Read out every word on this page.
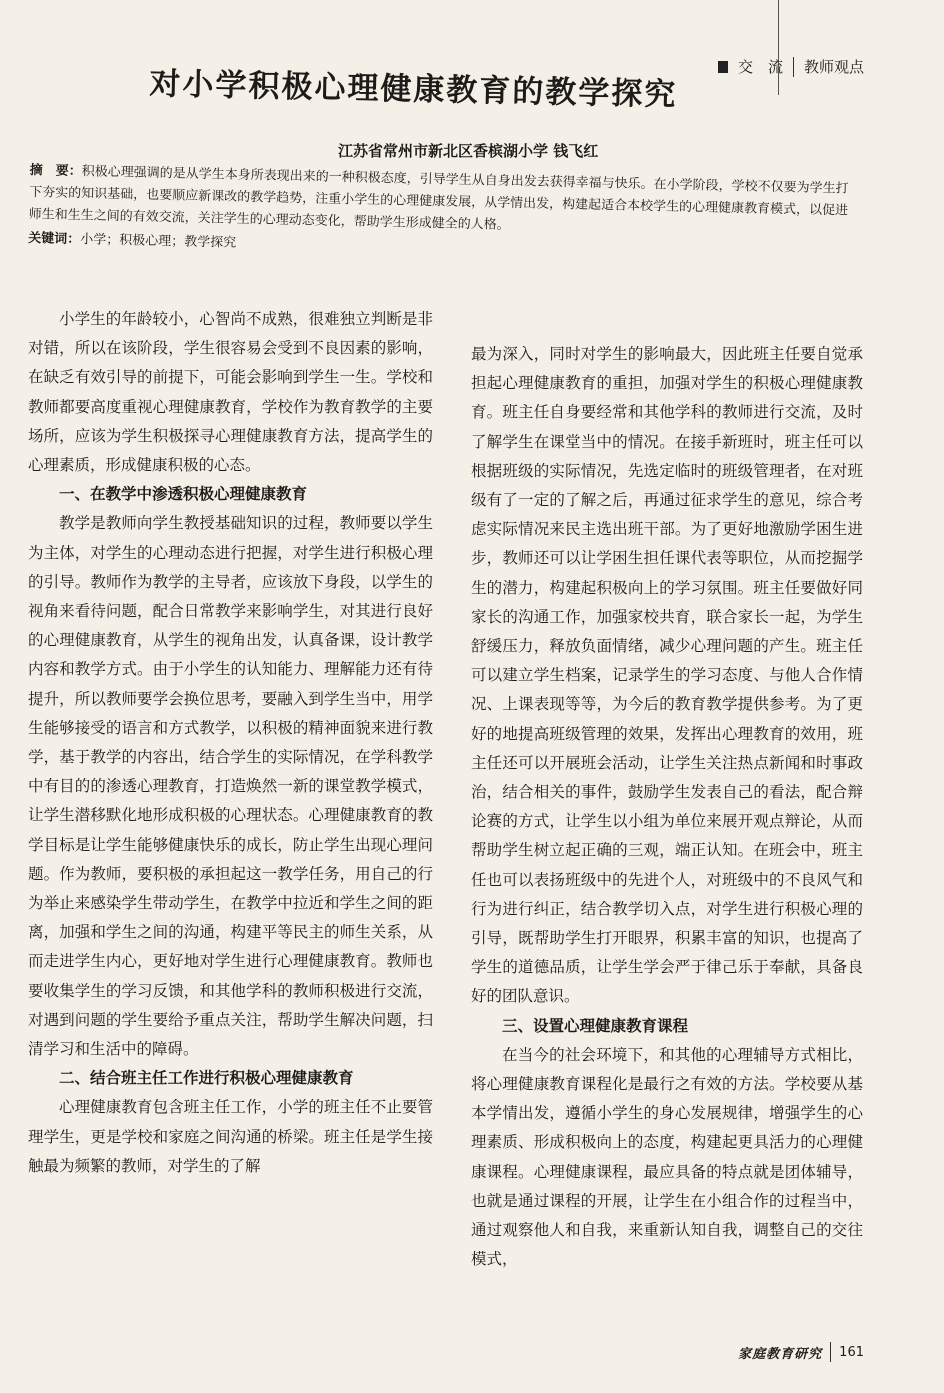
交　流 教师观点
对小学积极心理健康教育的教学探究
江苏省常州市新北区香槟湖小学 钱飞红
摘　要：积极心理强调的是从学生本身所表现出来的一种积极态度，引导学生从自身出发去获得幸福与快乐。在小学阶段，学校不仅要为学生打下夯实的知识基础，也要顺应新课改的教学趋势，注重小学生的心理健康发展，从学情出发，构建起适合本校学生的心理健康教育模式，以促进师生和生生之间的有效交流，关注学生的心理动态变化，帮助学生形成健全的人格。
关键词：小学；积极心理；教学探究

小学生的年龄较小，心智尚不成熟，很难独立判断是非对错，所以在该阶段，学生很容易会受到不良因素的影响，在缺乏有效引导的前提下，可能会影响到学生一生。学校和教师都要高度重视心理健康教育，学校作为教育教学的主要场所，应该为学生积极探寻心理健康教育方法，提高学生的心理素质，形成健康积极的心态。

一、在教学中渗透积极心理健康教育

教学是教师向学生教授基础知识的过程，教师要以学生为主体，对学生的心理动态进行把握，对学生进行积极心理的引导。教师作为教学的主导者，应该放下身段，以学生的视角来看待问题，配合日常教学来影响学生，对其进行良好的心理健康教育，从学生的视角出发，认真备课，设计教学内容和教学方式。由于小学生的认知能力、理解能力还有待提升，所以教师要学会换位思考，要融入到学生当中，用学生能够接受的语言和方式教学，以积极的精神面貌来进行教学，基于教学的内容出，结合学生的实际情况，在学科教学中有目的的渗透心理教育，打造焕然一新的课堂教学模式，让学生潜移默化地形成积极的心理状态。心理健康教育的教学目标是让学生能够健康快乐的成长，防止学生出现心理问题。作为教师，要积极的承担起这一教学任务，用自己的行为举止来感染学生带动学生，在教学中拉近和学生之间的距离，加强和学生之间的沟通，构建平等民主的师生关系，从而走进学生内心，更好地对学生进行心理健康教育。教师也要收集学生的学习反馈，和其他学科的教师积极进行交流，对遇到问题的学生要给予重点关注，帮助学生解决问题，扫清学习和生活中的障碍。

二、结合班主任工作进行积极心理健康教育

心理健康教育包含班主任工作，小学的班主任不止要管理学生，更是学校和家庭之间沟通的桥梁。班主任是学生接触最为频繁的教师，对学生的了解

最为深入，同时对学生的影响最大，因此班主任要自觉承担起心理健康教育的重担，加强对学生的积极心理健康教育。班主任自身要经常和其他学科的教师进行交流，及时了解学生在课堂当中的情况。在接手新班时，班主任可以根据班级的实际情况，先选定临时的班级管理者，在对班级有了一定的了解之后，再通过征求学生的意见，综合考虑实际情况来民主选出班干部。为了更好地激励学困生进步，教师还可以让学困生担任课代表等职位，从而挖掘学生的潜力，构建起积极向上的学习氛围。班主任要做好同家长的沟通工作，加强家校共育，联合家长一起，为学生舒缓压力，释放负面情绪，减少心理问题的产生。班主任可以建立学生档案，记录学生的学习态度、与他人合作情况、上课表现等等，为今后的教育教学提供参考。为了更好的地提高班级管理的效果，发挥出心理教育的效用，班主任还可以开展班会活动，让学生关注热点新闻和时事政治，结合相关的事件，鼓励学生发表自己的看法，配合辩论赛的方式，让学生以小组为单位来展开观点辩论，从而帮助学生树立起正确的三观，端正认知。在班会中，班主任也可以表扬班级中的先进个人，对班级中的不良风气和行为进行纠正，结合教学切入点，对学生进行积极心理的引导，既帮助学生打开眼界，积累丰富的知识，也提高了学生的道德品质，让学生学会严于律己乐于奉献，具备良好的团队意识。

三、设置心理健康教育课程

在当今的社会环境下，和其他的心理辅导方式相比，将心理健康教育课程化是最行之有效的方法。学校要从基本学情出发，遵循小学生的身心发展规律，增强学生的心理素质、形成积极向上的态度，构建起更具活力的心理健康课程。心理健康课程，最应具备的特点就是团体辅导，也就是通过课程的开展，让学生在小组合作的过程当中，通过观察他人和自我，来重新认知自我，调整自己的交往模式，

家庭教育研究 161
